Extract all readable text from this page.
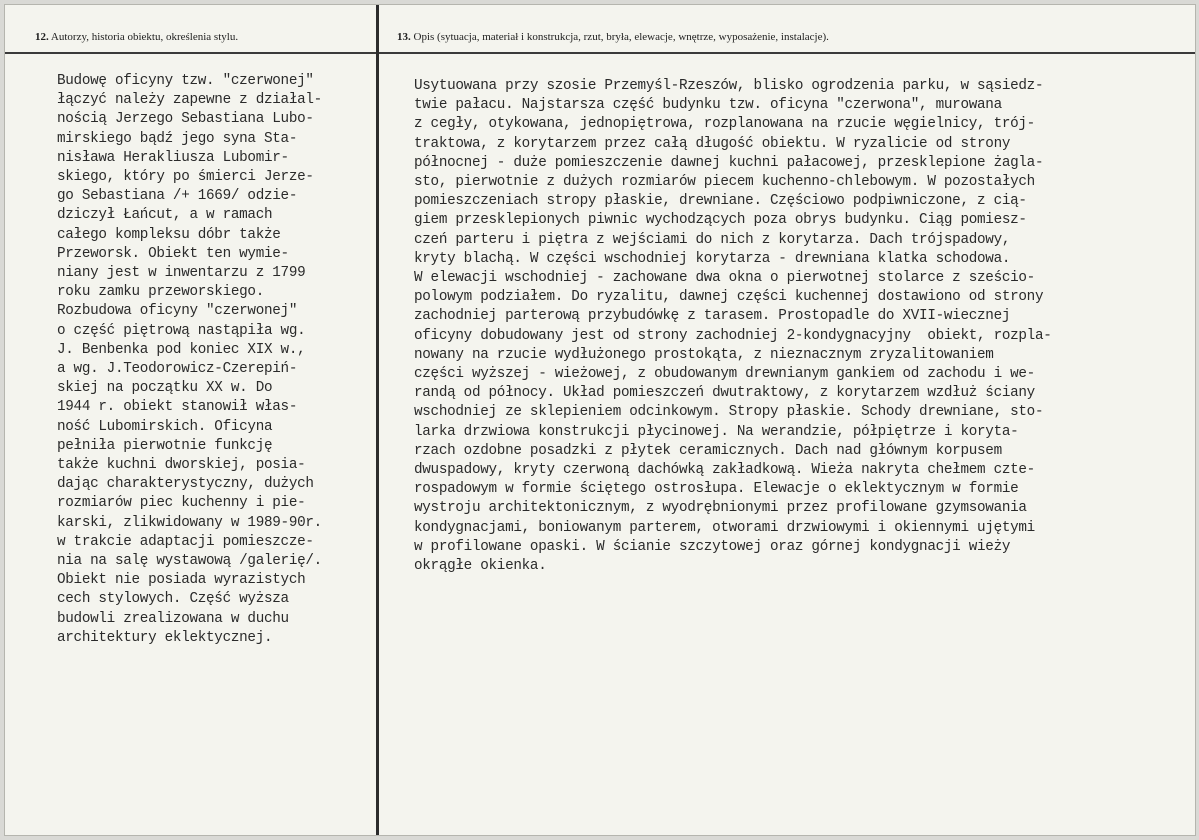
12. Autorzy, historia obiektu, określenia stylu.	13. Opis (sytuacja, materiał i konstrukcja, rzut, bryła, elewacje, wnętrze, wyposażenie, instalacje).

Budowę oficyny tzw. "czerwonej"
łączyć należy zapewne z działal-
nością Jerzego Sebastiana Lubo-
mirskiego bądź jego syna Sta-
nisława Herakliusza Lubomir-
skiego, który po śmierci Jerze-
go Sebastiana /+ 1669/ odzie-
dziczył Łańcut, a w ramach
całego kompleksu dóbr także
Przeworsk. Obiekt ten wymie-
niany jest w inwentarzu z 1799
roku zamku przeworskiego.
Rozbudowa oficyny "czerwonej"
o część piętrową nastąpiła wg.
J. Benbenka pod koniec XIX w.,
a wg. J.Teodorowicz-Czerepiń-
skiej na początku XX w. Do
1944 r. obiekt stanowił włas-
ność Lubomirskich. Oficyna
pełniła pierwotnie funkcję
także kuchni dworskiej, posia-
dając charakterystyczny, dużych
rozmiarów piec kuchenny i pie-
karski, zlikwidowany w 1989-90r.
w trakcie adaptacji pomieszcze-
nia na salę wystawową /galerię/.
Obiekt nie posiada wyrazistych
cech stylowych. Część wyższa
budowli zrealizowana w duchu
architektury eklektycznej.
Usytuowana przy szosie Przemyśl-Rzeszów, blisko ogrodzenia parku, w sąsiedz-
twie pałacu. Najstarsza część budynku tzw. oficyna "czerwona", murowana
z cegły, otykowana, jednopiętrowa, rozplanowana na rzucie węgielnicy, trój-
traktowa, z korytarzem przez całą długość obiektu. W ryzalicie od strony
północnej - duże pomieszczenie dawnej kuchni pałacowej, przesklepione żagla-
sto, pierwotnie z dużych rozmiarów piecem kuchenno-chlebowym. W pozostałych
pomieszczeniach stropy płaskie, drewniane. Częściowo podpiwniczone, z cią-
giem przesklepionych piwnic wychodzących poza obrys budynku. Ciąg pomiesz-
czeń parteru i piętra z wejściami do nich z korytarza. Dach trójspadowy,
kryty blachą. W części wschodniej korytarza - drewniana klatka schodowa.
W elewacji wschodniej - zachowane dwa okna o pierwotnej stolarce z sześcio-
polowym podziałem. Do ryzalitu, dawnej części kuchennej dostawiono od strony
zachodniej parterową przybudówkę z tarasem. Prostopadle do XVII-wiecznej
oficyny dobudowany jest od strony zachodniej 2-kondygnacyjny  obiekt, rozpla-
nowany na rzucie wydłużonego prostokąta, z nieznacznym zryzalitowaniem
części wyższej - wieżowej, z obudowanym drewnianym gankiem od zachodu i we-
randą od północy. Układ pomieszczeń dwutraktowy, z korytarzem wzdłuż ściany
wschodniej ze sklepieniem odcinkowym. Stropy płaskie. Schody drewniane, sto-
larka drzwiowa konstrukcji płycinowej. Na werandzie, półpiętrze i koryta-
rzach ozdobne posadzki z płytek ceramicznych. Dach nad głównym korpusem
dwuspadowy, kryty czerwoną dachówką zakładkową. Wieża nakryta chełmem czte-
rospadowym w formie ściętego ostrosłupa. Elewacje o eklektycznym w formie
wystroju architektonicznym, z wyodrębnionymi przez profilowane gzymsowania
kondygnacjami, boniowanym parterem, otworami drzwiowymi i okiennymi ujętymi
w profilowane opaski. W ścianie szczytowej oraz górnej kondygnacji wieży
okrągłe okienka.
